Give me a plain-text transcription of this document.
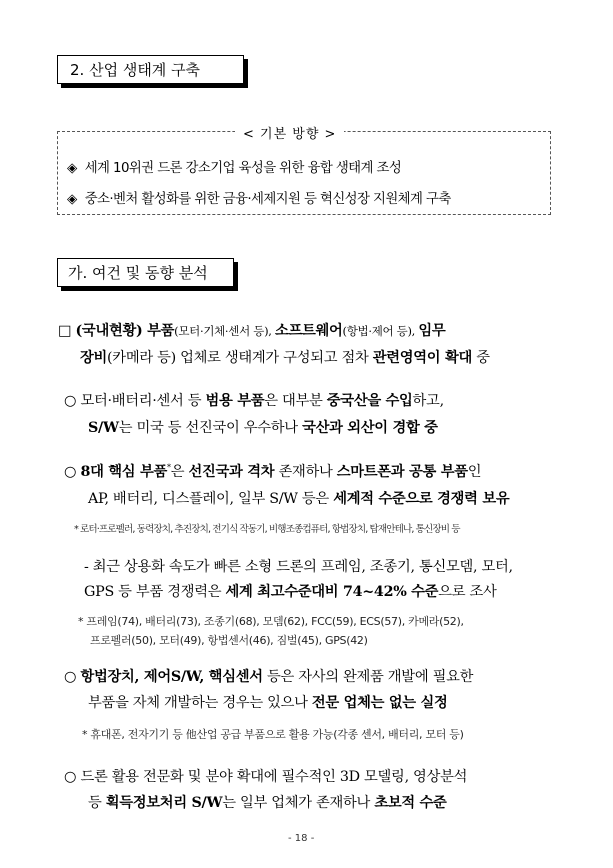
2. 산업 생태계 구축
< 기본 방향 >
◈ 세계 10위권 드론 강소기업 육성을 위한 융합 생태계 조성
◈ 중소·벤처 활성화를 위한 금융·세제지원 등 혁신성장 지원체계 구축
가. 여건 및 동향 분석
□ (국내현황) 부품(모터·기체·센서 등), 소프트웨어(항법·제어 등), 임무
장비(카메라 등) 업체로 생태계가 구성되고 점차 관련영역이 확대 중
○ 모터·배터리·센서 등 범용 부품은 대부분 중국산을 수입하고,
S/W는 미국 등 선진국이 우수하나 국산과 외산이 경합 중
○ 8대 핵심 부품*은 선진국과 격차 존재하나 스마트폰과 공통 부품인
AP, 배터리, 디스플레이, 일부 S/W 등은 세계적 수준으로 경쟁력 보유
* 로터·프로펠러, 동력장치, 추진장치, 전기식 작동기, 비행조종컴퓨터, 항법장치, 탑재안테나, 통신장비 등
- 최근 상용화 속도가 빠른 소형 드론의 프레임, 조종기, 통신모뎀, 모터,
GPS 등 부품 경쟁력은 세계 최고수준대비 74~42% 수준으로 조사
* 프레임(74), 배터리(73), 조종기(68), 모뎀(62), FCC(59), ECS(57), 카메라(52),
프로펠러(50), 모터(49), 항법센서(46), 짐벌(45), GPS(42)
○ 항법장치, 제어S/W, 핵심센서 등은 자사의 완제품 개발에 필요한
부품을 자체 개발하는 경우는 있으나 전문 업체는 없는 실정
* 휴대폰, 전자기기 등 他산업 공급 부품으로 활용 가능(각종 센서, 배터리, 모터 등)
○ 드론 활용 전문화 및 분야 확대에 필수적인 3D 모델링, 영상분석
등 획득정보처리 S/W는 일부 업체가 존재하나 초보적 수준
- 18 -
